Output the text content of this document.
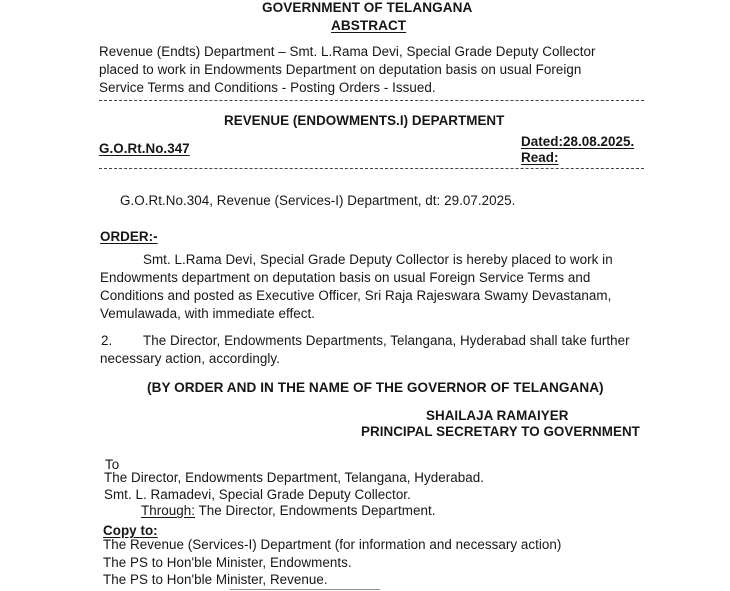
GOVERNMENT OF TELANGANA
ABSTRACT
Revenue (Endts) Department – Smt. L.Rama Devi, Special Grade Deputy Collector
placed to work in Endowments Department on deputation basis on usual Foreign
Service Terms and Conditions - Posting Orders - Issued.
REVENUE (ENDOWMENTS.I) DEPARTMENT
G.O.Rt.No.347	Dated:28.08.2025.
Read:
G.O.Rt.No.304, Revenue (Services-I) Department, dt: 29.07.2025.
ORDER:-
Smt. L.Rama Devi, Special Grade Deputy Collector is hereby placed to work in
Endowments department on deputation basis on usual Foreign Service Terms and
Conditions and posted as Executive Officer, Sri Raja Rajeswara Swamy Devastanam,
Vemulawada, with immediate effect.
2. The Director, Endowments Departments, Telangana, Hyderabad shall take further
necessary action, accordingly.
(BY ORDER AND IN THE NAME OF THE GOVERNOR OF TELANGANA)
SHAILAJA RAMAIYER
PRINCIPAL SECRETARY TO GOVERNMENT
To
The Director, Endowments Department, Telangana, Hyderabad.
Smt. L. Ramadevi, Special Grade Deputy Collector.
Through: The Director, Endowments Department.
Copy to:
The Revenue (Services-I) Department (for information and necessary action)
The PS to Hon'ble Minister, Endowments.
The PS to Hon'ble Minister, Revenue.
